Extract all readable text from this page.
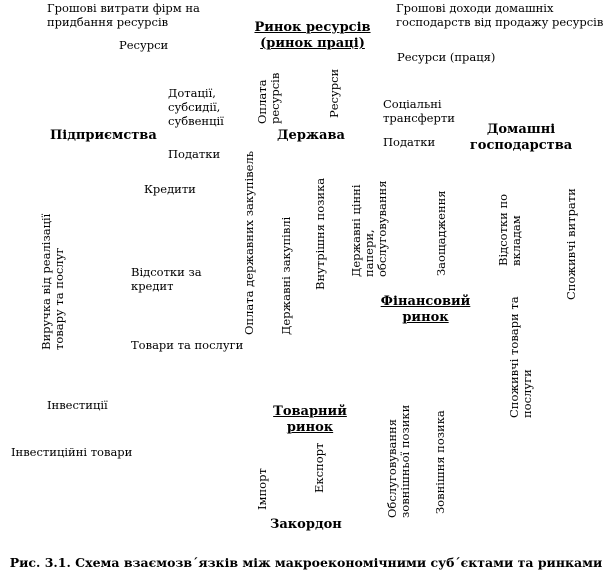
Ринок ресурсів
(ринок праці)
Підприємства	Держава	Домашні
господарства
Фінансовий
ринок
Товарний
ринок
Закордон
Грошові витрати фірм на
придбання ресурсів
Грошові доходи домашніх
господарств від продажу ресурсів
Ресурси
Ресурси (праця)
Дотації,
субсидії,
субвенції
Податки
Соціальні
трансферти
Податки
Кредити
Відсотки за
кредит
Товари та послуги
Інвестиції
Інвестиційні товари
Оплата
ресурсів	Ресурси
Виручка від реалізації
товару та послуг	Оплата державних закупівель Державні закупівлі Внутрішня позика Державні цінні
папери,
обслуговування	Заощадження	Відсотки по
вкладам	Споживчі витрати
Споживчі товари та
послуги
Імпорт	Експорт	Обслуговування
зовнішньої позики Зовнішня позика
Рис. 3.1. Схема взаємозв´язків між макроекономічними суб´єктами та ринками
